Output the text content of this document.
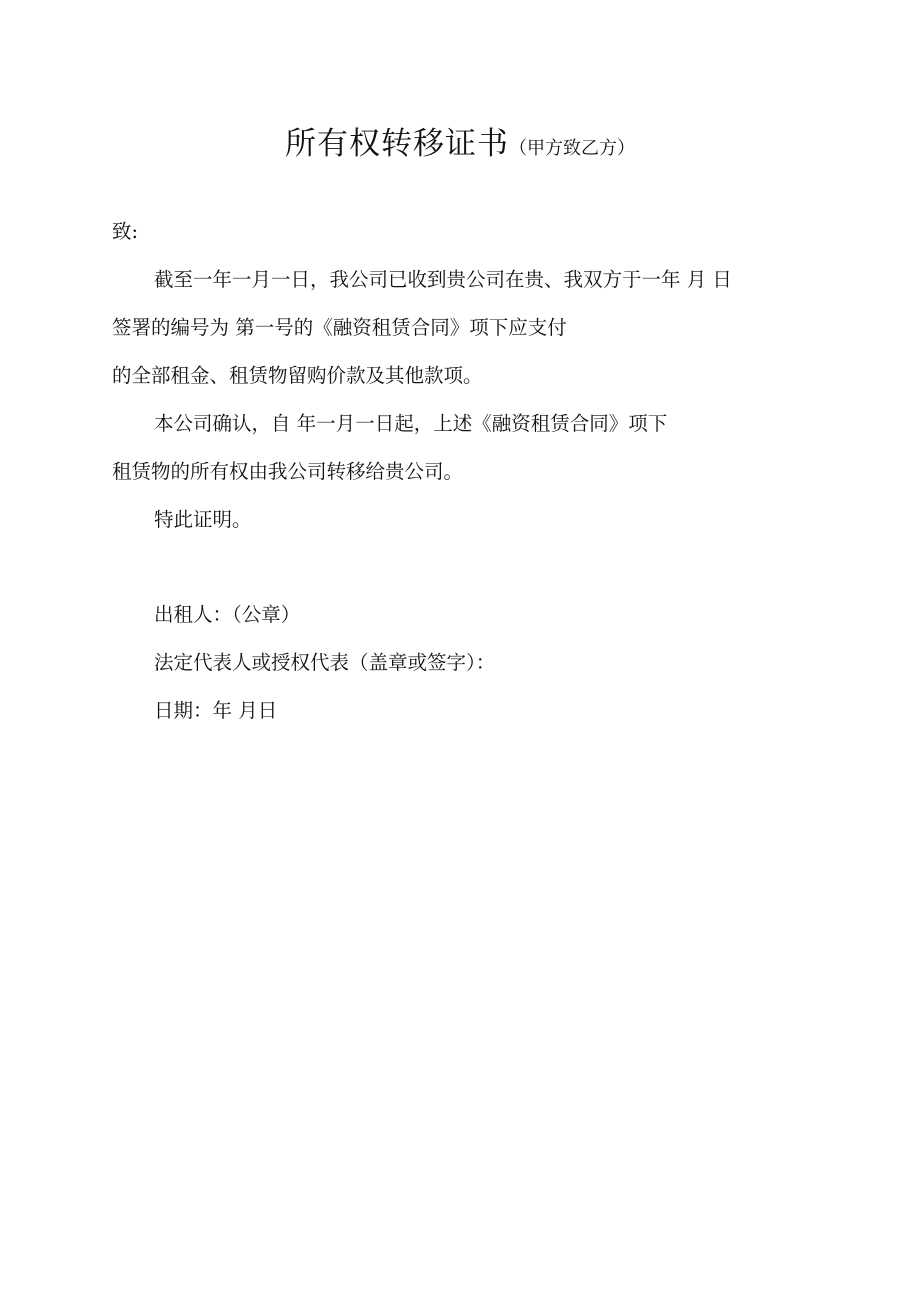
所有权转移证书（甲方致乙方）
致:
截至一年一月一日，我公司已收到贵公司在贵、我双方于一年 月 日
签署的编号为 第一号的《融资租赁合同》项下应支付
的全部租金、租赁物留购价款及其他款项。
本公司确认，自 年一月一日起，上述《融资租赁合同》项下
租赁物的所有权由我公司转移给贵公司。
特此证明。
出租人：（公章）
法定代表人或授权代表（盖章或签字）：
日期：年 月日
